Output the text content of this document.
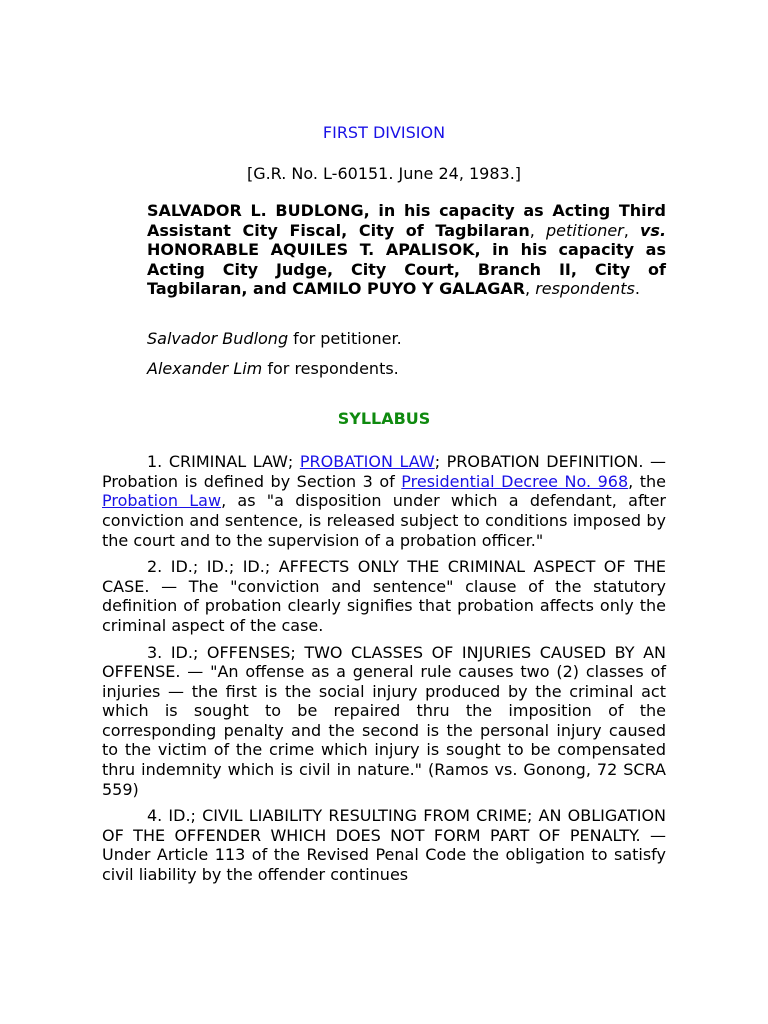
FIRST DIVISION
[G.R. No. L-60151. June 24, 1983.]
SALVADOR L. BUDLONG, in his capacity as Acting Third Assistant City Fiscal, City of Tagbilaran, petitioner, vs. HONORABLE AQUILES T. APALISOK, in his capacity as Acting City Judge, City Court, Branch II, City of Tagbilaran, and CAMILO PUYO Y GALAGAR, respondents.

Salvador Budlong for petitioner.

Alexander Lim for respondents.

SYLLABUS

1. CRIMINAL LAW; PROBATION LAW; PROBATION DEFINITION. — Probation is defined by Section 3 of Presidential Decree No. 968, the Probation Law, as "a disposition under which a defendant, after conviction and sentence, is released subject to conditions imposed by the court and to the supervision of a probation officer."

2. ID.; ID.; ID.; AFFECTS ONLY THE CRIMINAL ASPECT OF THE CASE. — The "conviction and sentence" clause of the statutory definition of probation clearly signifies that probation affects only the criminal aspect of the case.

3. ID.; OFFENSES; TWO CLASSES OF INJURIES CAUSED BY AN OFFENSE. — "An offense as a general rule causes two (2) classes of injuries — the first is the social injury produced by the criminal act which is sought to be repaired thru the imposition of the corresponding penalty and the second is the personal injury caused to the victim of the crime which injury is sought to be compensated thru indemnity which is civil in nature." (Ramos vs. Gonong, 72 SCRA 559)

4. ID.; CIVIL LIABILITY RESULTING FROM CRIME; AN OBLIGATION OF THE OFFENDER WHICH DOES NOT FORM PART OF PENALTY. — Under Article 113 of the Revised Penal Code the obligation to satisfy civil liability by the offender continues
